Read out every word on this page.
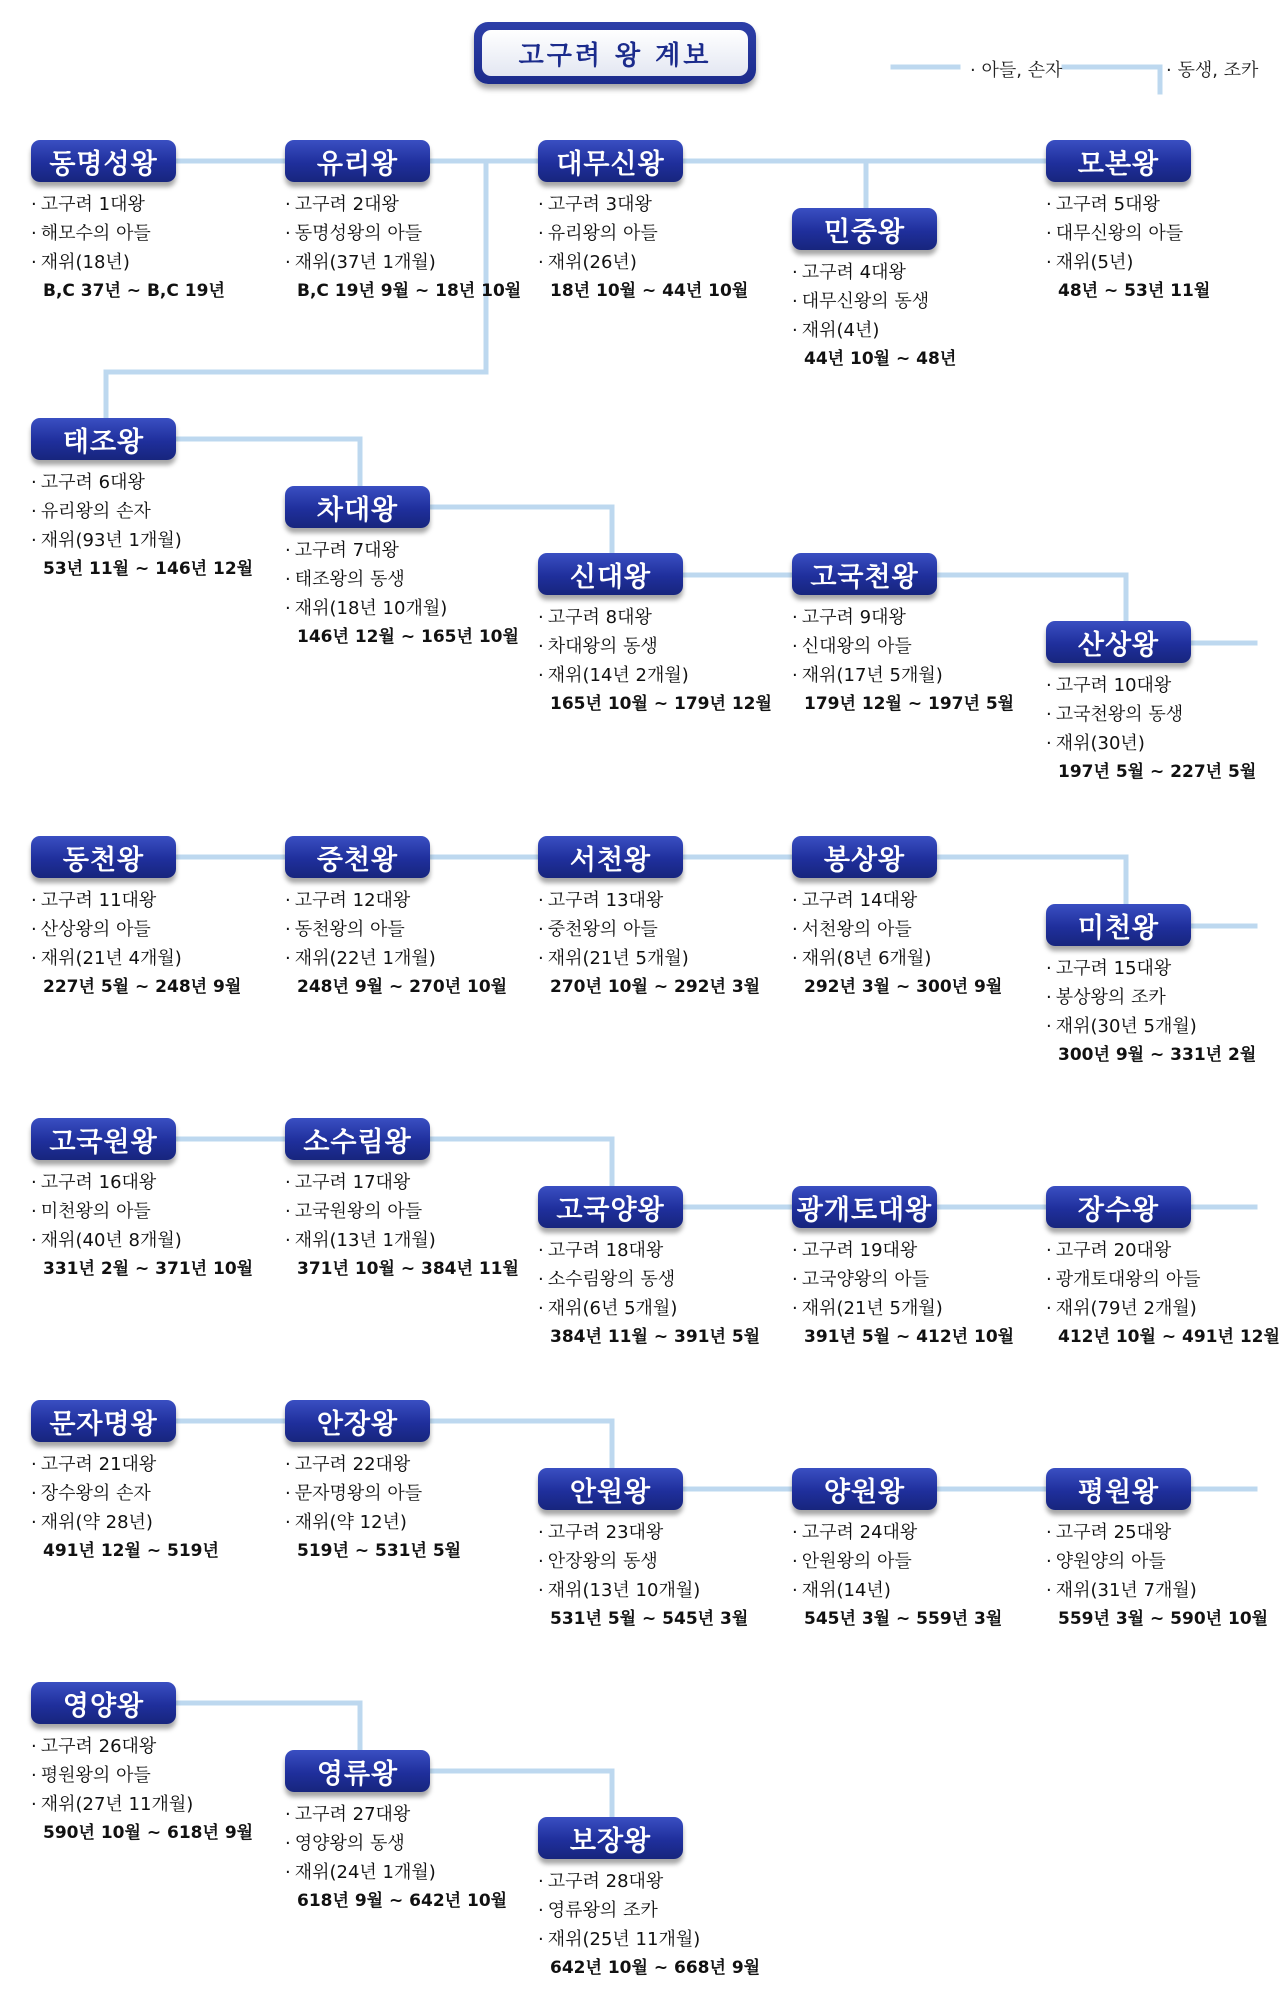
고구려 왕 계보	· 아들, 손자	· 동생, 조카
동명성왕
· 고구려 1대왕
· 해모수의 아들
· 재위(18년)
B,C 37년 ~ B,C 19년
유리왕
· 고구려 2대왕
· 동명성왕의 아들
· 재위(37년 1개월)
B,C 19년 9월 ~ 18년 10월
대무신왕
· 고구려 3대왕
· 유리왕의 아들
· 재위(26년)
18년 10월 ~ 44년 10월
민중왕
· 고구려 4대왕
· 대무신왕의 동생
· 재위(4년)
44년 10월 ~ 48년
모본왕
· 고구려 5대왕
· 대무신왕의 아들
· 재위(5년)
48년 ~ 53년 11월
태조왕
· 고구려 6대왕
· 유리왕의 손자
· 재위(93년 1개월)
53년 11월 ~ 146년 12월
차대왕
· 고구려 7대왕
· 태조왕의 동생
· 재위(18년 10개월)
146년 12월 ~ 165년 10월
신대왕
· 고구려 8대왕
· 차대왕의 동생
· 재위(14년 2개월)
165년 10월 ~ 179년 12월
고국천왕
· 고구려 9대왕
· 신대왕의 아들
· 재위(17년 5개월)
179년 12월 ~ 197년 5월
산상왕
· 고구려 10대왕
· 고국천왕의 동생
· 재위(30년)
197년 5월 ~ 227년 5월
동천왕
· 고구려 11대왕
· 산상왕의 아들
· 재위(21년 4개월)
227년 5월 ~ 248년 9월
중천왕
· 고구려 12대왕
· 동천왕의 아들
· 재위(22년 1개월)
248년 9월 ~ 270년 10월
서천왕
· 고구려 13대왕
· 중천왕의 아들
· 재위(21년 5개월)
270년 10월 ~ 292년 3월
봉상왕
· 고구려 14대왕
· 서천왕의 아들
· 재위(8년 6개월)
292년 3월 ~ 300년 9월
미천왕
· 고구려 15대왕
· 봉상왕의 조카
· 재위(30년 5개월)
300년 9월 ~ 331년 2월
고국원왕
· 고구려 16대왕
· 미천왕의 아들
· 재위(40년 8개월)
331년 2월 ~ 371년 10월
소수림왕
· 고구려 17대왕
· 고국원왕의 아들
· 재위(13년 1개월)
371년 10월 ~ 384년 11월
고국양왕
· 고구려 18대왕
· 소수림왕의 동생
· 재위(6년 5개월)
384년 11월 ~ 391년 5월
광개토대왕
· 고구려 19대왕
· 고국양왕의 아들
· 재위(21년 5개월)
391년 5월 ~ 412년 10월
장수왕
· 고구려 20대왕
· 광개토대왕의 아들
· 재위(79년 2개월)
412년 10월 ~ 491년 12월
문자명왕
· 고구려 21대왕
· 장수왕의 손자
· 재위(약 28년)
491년 12월 ~ 519년
안장왕
· 고구려 22대왕
· 문자명왕의 아들
· 재위(약 12년)
519년 ~ 531년 5월
안원왕
· 고구려 23대왕
· 안장왕의 동생
· 재위(13년 10개월)
531년 5월 ~ 545년 3월
양원왕
· 고구려 24대왕
· 안원왕의 아들
· 재위(14년)
545년 3월 ~ 559년 3월
평원왕
· 고구려 25대왕
· 양원양의 아들
· 재위(31년 7개월)
559년 3월 ~ 590년 10월
영양왕
· 고구려 26대왕
· 평원왕의 아들
· 재위(27년 11개월)
590년 10월 ~ 618년 9월
영류왕
· 고구려 27대왕
· 영양왕의 동생
· 재위(24년 1개월)
618년 9월 ~ 642년 10월
보장왕
· 고구려 28대왕
· 영류왕의 조카
· 재위(25년 11개월)
642년 10월 ~ 668년 9월
